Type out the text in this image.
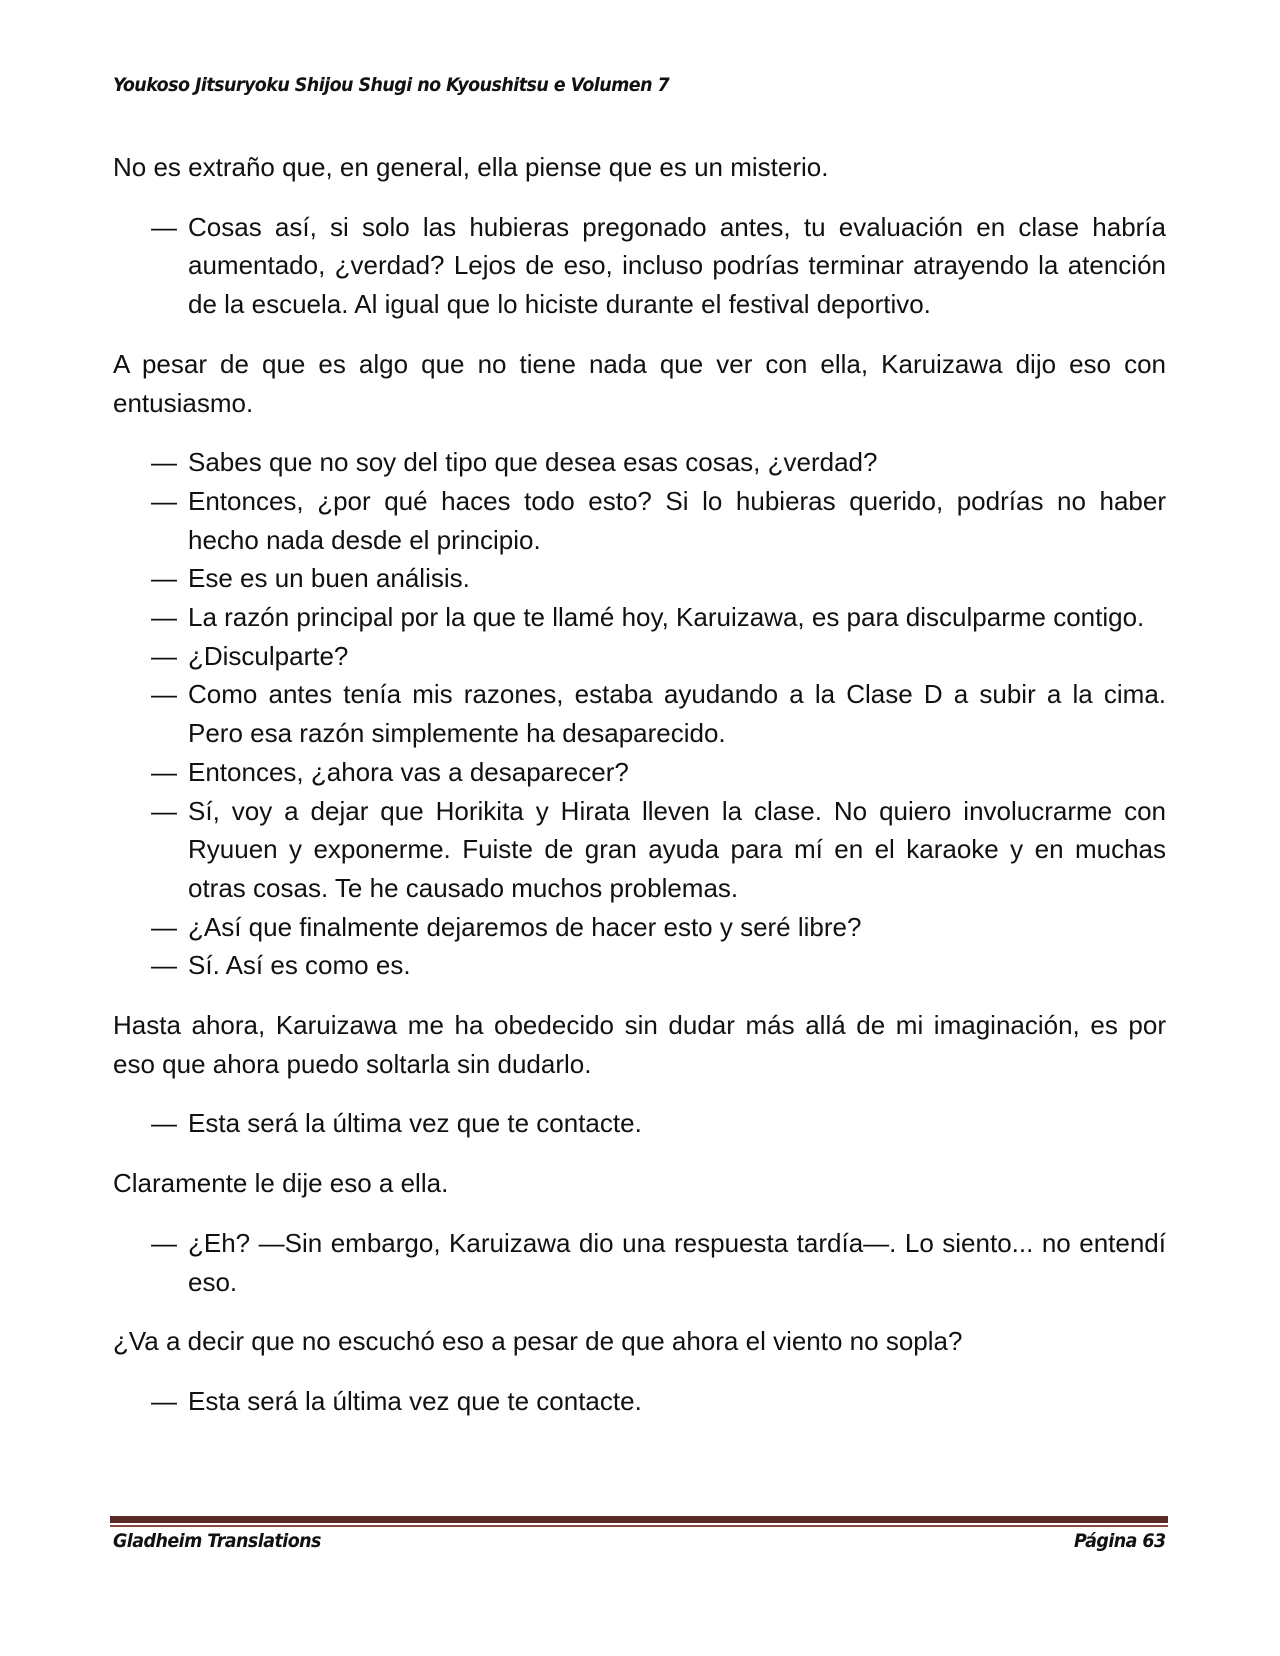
Youkoso Jitsuryoku Shijou Shugi no Kyoushitsu e Volumen 7
No es extraño que, en general, ella piense que es un misterio.
— Cosas así, si solo las hubieras pregonado antes, tu evaluación en clase habría aumentado, ¿verdad? Lejos de eso, incluso podrías terminar atrayendo la atención de la escuela. Al igual que lo hiciste durante el festival deportivo.
A pesar de que es algo que no tiene nada que ver con ella, Karuizawa dijo eso con entusiasmo.
— Sabes que no soy del tipo que desea esas cosas, ¿verdad?
— Entonces, ¿por qué haces todo esto? Si lo hubieras querido, podrías no haber hecho nada desde el principio.
— Ese es un buen análisis.
— La razón principal por la que te llamé hoy, Karuizawa, es para disculparme contigo.
— ¿Disculparte?
— Como antes tenía mis razones, estaba ayudando a la Clase D a subir a la cima. Pero esa razón simplemente ha desaparecido.
— Entonces, ¿ahora vas a desaparecer?
— Sí, voy a dejar que Horikita y Hirata lleven la clase. No quiero involucrarme con Ryuuen y exponerme. Fuiste de gran ayuda para mí en el karaoke y en muchas otras cosas. Te he causado muchos problemas.
— ¿Así que finalmente dejaremos de hacer esto y seré libre?
— Sí. Así es como es.
Hasta ahora, Karuizawa me ha obedecido sin dudar más allá de mi imaginación, es por eso que ahora puedo soltarla sin dudarlo.
— Esta será la última vez que te contacte.
Claramente le dije eso a ella.
— ¿Eh? —Sin embargo, Karuizawa dio una respuesta tardía—. Lo siento... no entendí eso.
¿Va a decir que no escuchó eso a pesar de que ahora el viento no sopla?
— Esta será la última vez que te contacte.
Gladheim Translations	Página 63
